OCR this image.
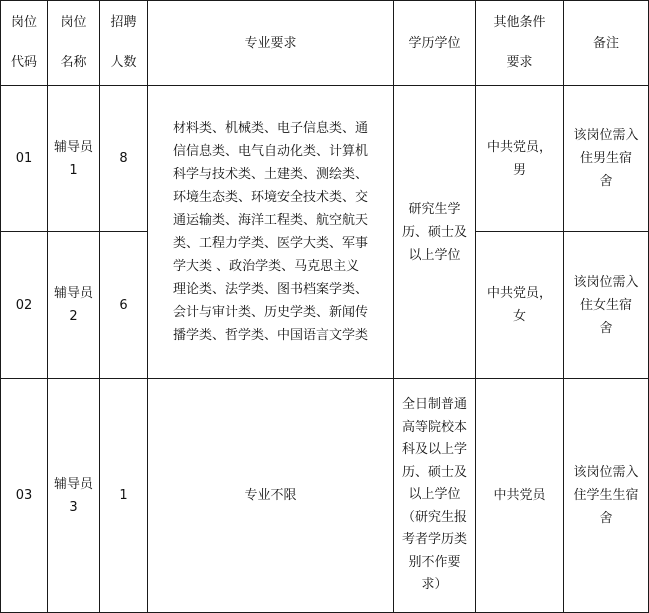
岗位
代码
岗位
名称
招聘
人数
专业要求	学历学位
其他条件
要求
备注
01
辅导员
1
8
中共党员，
男
该岗位需入
住男生宿
舍
材料类、机械类、电子信息类、通
信信息类、电气自动化类、计算机
科学与技术类、土建类、测绘类、
环境生态类、环境安全技术类、交
通运输类、海洋工程类、航空航天
类、工程力学类、医学大类、军事
学大类 、政治学类、马克思主义
理论类、法学类、图书档案学类、
会计与审计类、历史学类、新闻传
播学类、哲学类、中国语言文学类
研究生学
历、硕士及
以上学位
02
辅导员
2
6
中共党员，
女
该岗位需入
住女生宿
舍
03
辅导员
3
1	专业不限
全日制普通
高等院校本
科及以上学
历、硕士及
以上学位
（研究生报
考者学历类
别不作要
求）
中共党员
该岗位需入
住学生生宿
舍
